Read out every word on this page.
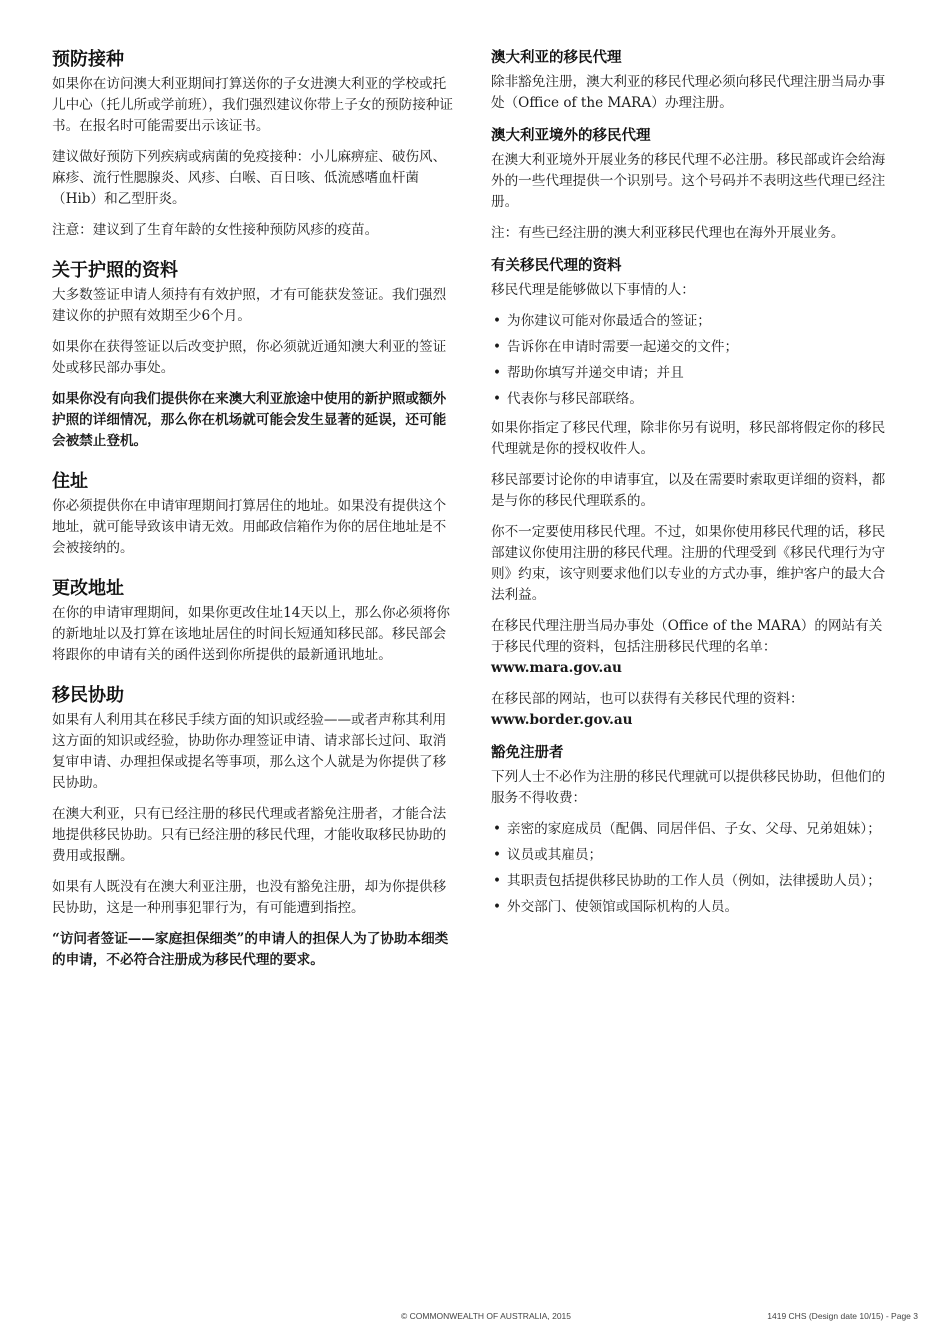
预防接种

如果你在访问澳大利亚期间打算送你的子女进澳大利亚的学校或托儿中心（托儿所或学前班），我们强烈建议你带上子女的预防接种证书。在报名时可能需要出示该证书。

建议做好预防下列疾病或病菌的免疫接种：小儿麻痹症、破伤风、麻疹、流行性腮腺炎、风疹、白喉、百日咳、低流感嗜血杆菌（Hib）和乙型肝炎。

注意：建议到了生育年龄的女性接种预防风疹的疫苗。

关于护照的资料

大多数签证申请人须持有有效护照，才有可能获发签证。我们强烈建议你的护照有效期至少6个月。

如果你在获得签证以后改变护照，你必须就近通知澳大利亚的签证处或移民部办事处。

如果你没有向我们提供你在来澳大利亚旅途中使用的新护照或额外护照的详细情况，那么你在机场就可能会发生显著的延误，还可能会被禁止登机。

住址

你必须提供你在申请审理期间打算居住的地址。如果没有提供这个地址，就可能导致该申请无效。用邮政信箱作为你的居住地址是不会被接纳的。

更改地址

在你的申请审理期间，如果你更改住址14天以上，那么你必须将你的新地址以及打算在该地址居住的时间长短通知移民部。移民部会将跟你的申请有关的函件送到你所提供的最新通讯地址。

移民协助

如果有人利用其在移民手续方面的知识或经验——或者声称其利用这方面的知识或经验，协助你办理签证申请、请求部长过问、取消复审申请、办理担保或提名等事项，那么这个人就是为你提供了移民协助。

在澳大利亚，只有已经注册的移民代理或者豁免注册者，才能合法地提供移民协助。只有已经注册的移民代理，才能收取移民协助的费用或报酬。

如果有人既没有在澳大利亚注册，也没有豁免注册，却为你提供移民协助，这是一种刑事犯罪行为，有可能遭到指控。

“访问者签证——家庭担保细类”的申请人的担保人为了协助本细类的申请，不必符合注册成为移民代理的要求。

澳大利亚的移民代理

除非豁免注册，澳大利亚的移民代理必须向移民代理注册当局办事处（Office of the MARA）办理注册。

澳大利亚境外的移民代理

在澳大利亚境外开展业务的移民代理不必注册。移民部或许会给海外的一些代理提供一个识别号。这个号码并不表明这些代理已经注册。

注：有些已经注册的澳大利亚移民代理也在海外开展业务。

有关移民代理的资料

移民代理是能够做以下事情的人：

• 为你建议可能对你最适合的签证；
• 告诉你在申请时需要一起递交的文件；
• 帮助你填写并递交申请；并且
• 代表你与移民部联络。

如果你指定了移民代理，除非你另有说明，移民部将假定你的移民代理就是你的授权收件人。

移民部要讨论你的申请事宜，以及在需要时索取更详细的资料，都是与你的移民代理联系的。

你不一定要使用移民代理。不过，如果你使用移民代理的话，移民部建议你使用注册的移民代理。注册的代理受到《移民代理行为守则》约束，该守则要求他们以专业的方式办事，维护客户的最大合法利益。

在移民代理注册当局办事处（Office of the MARA）的网站有关于移民代理的资料，包括注册移民代理的名单：
www.mara.gov.au

在移民部的网站，也可以获得有关移民代理的资料：
www.border.gov.au

豁免注册者

下列人士不必作为注册的移民代理就可以提供移民协助，但他们的服务不得收费：

• 亲密的家庭成员（配偶、同居伴侣、子女、父母、兄弟姐妹）；
• 议员或其雇员；
• 其职责包括提供移民协助的工作人员（例如，法律援助人员）；
• 外交部门、使领馆或国际机构的人员。
© COMMONWEALTH OF AUSTRALIA, 2015	1419 CHS (Design date 10/15) - Page 3
